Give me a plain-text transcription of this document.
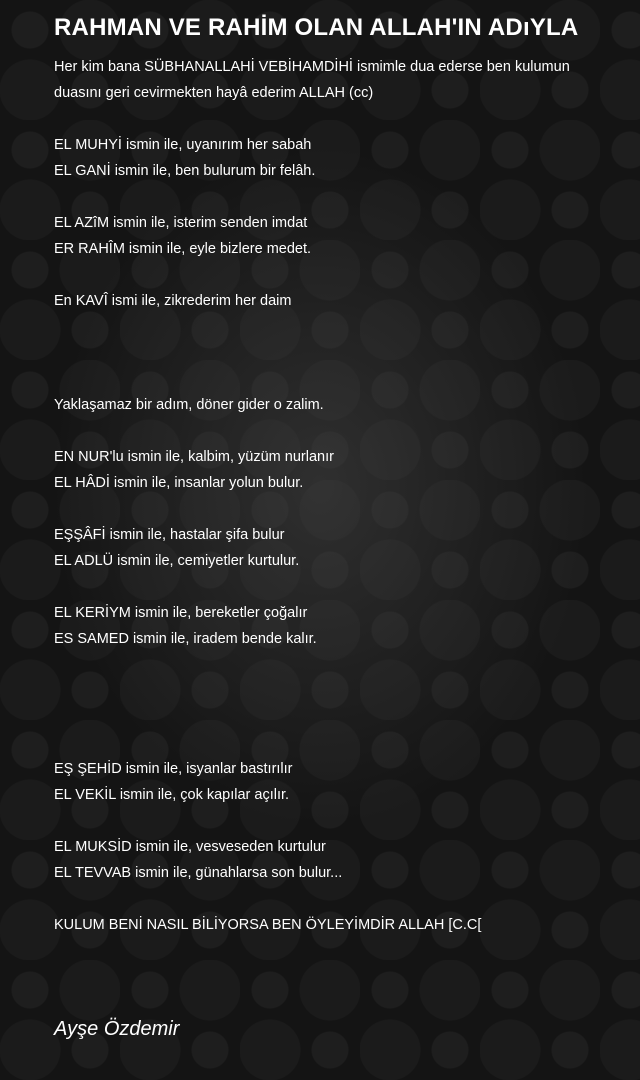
RAHMAN VE RAHİM OLAN ALLAH'IN ADıYLA
Her kim bana SÜBHANALLAHİ VEBİHAMDİHİ ismimle dua ederse ben kulumun
duasını geri cevirmekten hayâ ederim ALLAH (cc)
EL MUHYİ ismin ile, uyanırım her sabah
EL GANİ ismin ile, ben bulurum bir felâh.
EL AZîM ismin ile, isterim senden imdat
ER RAHÎM ismin ile, eyle bizlere medet.
En KAVÎ ismi ile, zikrederim her daim
Yaklaşamaz bir adım, döner gider o zalim.
EN NUR'lu ismin ile, kalbim, yüzüm nurlanır
EL HÂDİ ismin ile, insanlar yolun bulur.
EŞŞÂFİ ismin ile, hastalar şifa bulur
EL ADLÜ ismin ile, cemiyetler kurtulur.
EL KERİYM ismin ile, bereketler çoğalır
ES SAMED ismin ile, iradem bende kalır.
EŞ ŞEHİD ismin ile, isyanlar bastırılır
EL VEKİL ismin ile, çok kapılar açılır.
EL MUKSİD ismin ile, vesveseden kurtulur
EL TEVVAB ismin ile, günahlarsa son bulur...
KULUM BENİ NASIL BİLİYORSA BEN ÖYLEYİMDİR ALLAH [C.C[
Ayşe Özdemir
